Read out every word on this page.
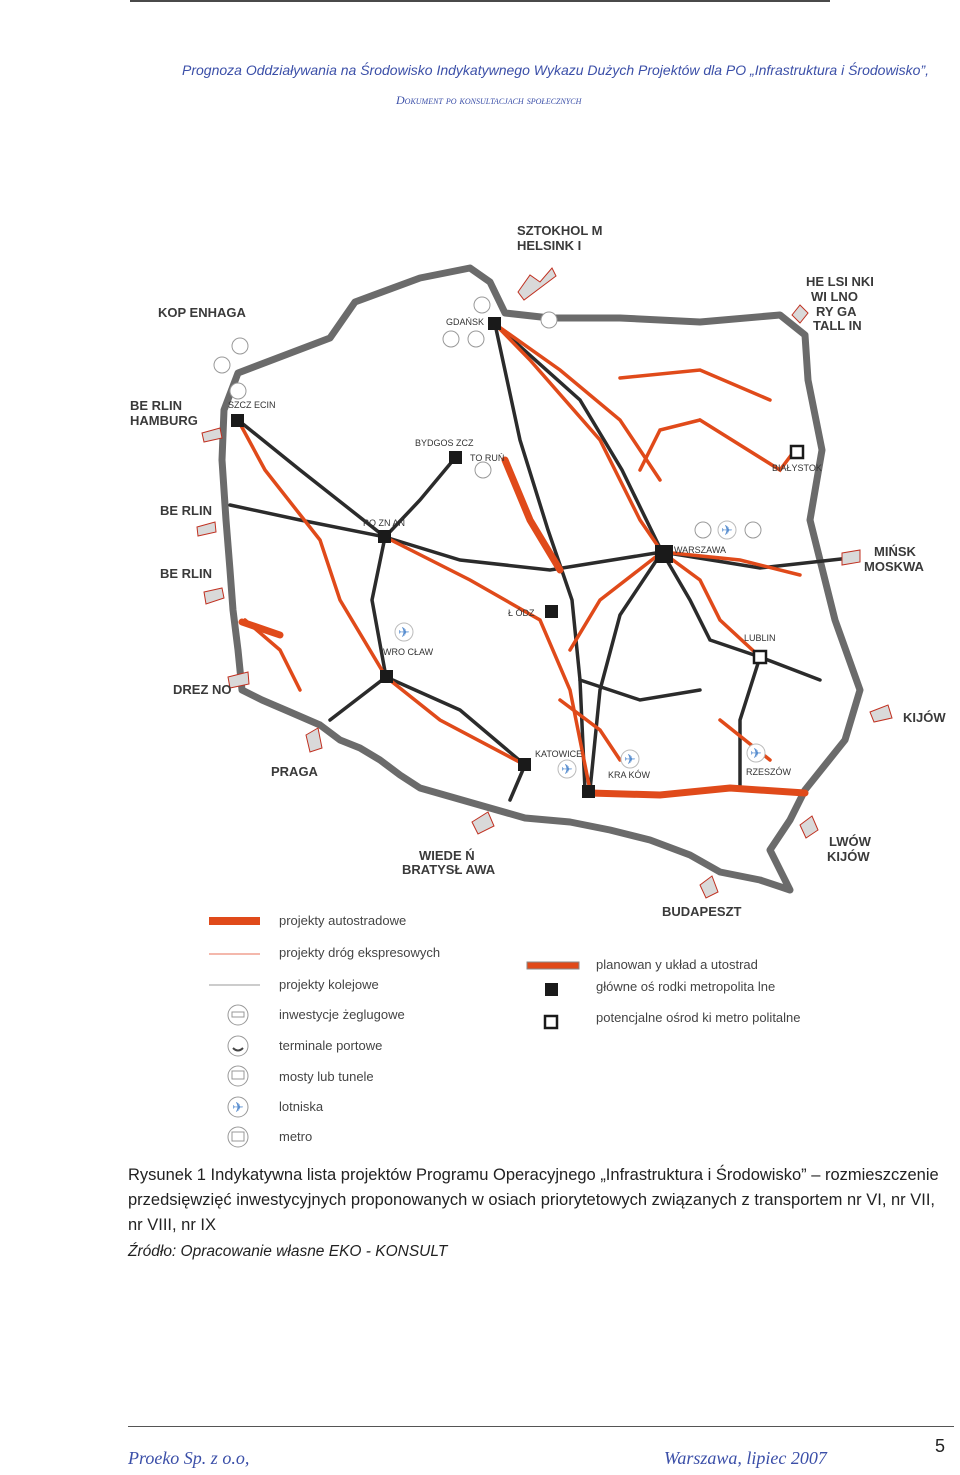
Prognoza Oddziaływania na Środowisko Indykatywnego Wykazu Dużych Projektów dla PO „Infrastruktura i Środowisko”,
Dokument po konsultacjach społecznych
✈
✈
✈
✈	✈
GDAŃSK
SZCZ ECIN
BYDGOS ZCZ
TO RUŃ
BIAŁYSTOK
PO ZN AŃ
WARSZAWA
Ł ÓDZ
WRO CŁAW
LUBLIN
KATOWICE
KRA KÓW	RZESZÓW
SZTOKHOL M
HELSINK I
KOP ENHAGA
HE LSI NKI
WI LNO
RY GA
TALL IN
BE RLIN
HAMBURG
BE RLIN
BE RLIN
MIŃSK
MOSKWA
DREZ NO
KIJÓW
PRAGA
WIEDE Ń
BRATYSŁ AWA
LWÓW
KIJÓW
BUDAPESZT
✈
projekty autostradowe
projekty dróg ekspresowych
projekty kolejowe
inwestycje żeglugowe
terminale portowe
mosty lub tunele
lotniska
metro
planowan y układ a utostrad
główne oś rodki metropolita lne
potencjalne ośrod ki metro politalne
Rysunek 1 Indykatywna lista projektów Programu Operacyjnego „Infrastruktura i Środowisko” – rozmieszczenie przedsięwzięć inwestycyjnych proponowanych w osiach priorytetowych związanych z transportem nr VI, nr VII, nr VIII, nr IX
Źródło: Opracowanie własne EKO - KONSULT
Proeko Sp. z o.o,	Warszawa, lipiec 2007
5
